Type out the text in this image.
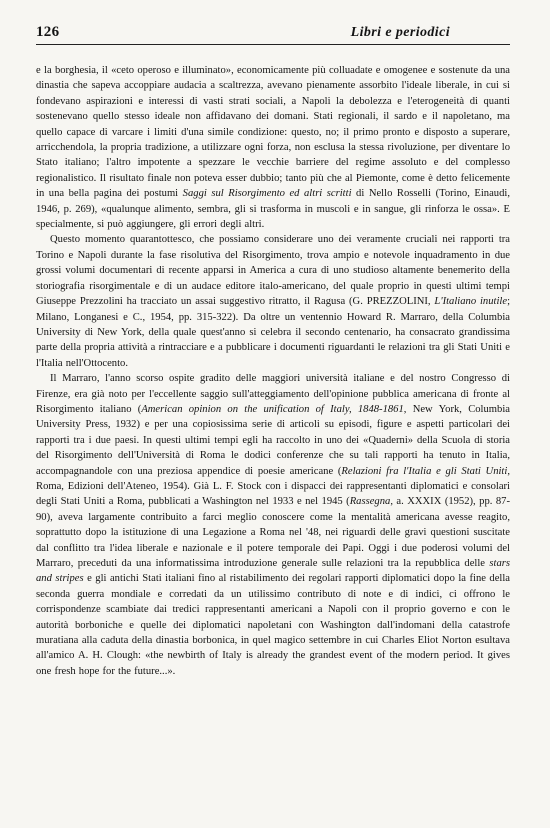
126	Libri e periodici

e la borghesia, il «ceto operoso e illuminato», economicamente più colluadate e omogenee e sostenute da una dinastia che sapeva accoppiare audacia a scaltrezza, avevano pienamente assorbito l'ideale liberale, in cui si fondevano aspirazioni e interessi di vasti strati sociali, a Napoli la debolezza e l'eterogeneità di quanti sostenevano quello stesso ideale non affidavano dei domani. Stati regionali, il sardo e il napoletano, ma quello capace di varcare i limiti d'una simile condizione: questo, no; il primo pronto e disposto a superare, arricchendola, la propria tradizione, a utilizzare ogni forza, non esclusa la stessa rivoluzione, per diventare lo Stato italiano; l'altro impotente a spezzare le vecchie barriere del regime assoluto e del complesso regionalistico. Il risultato finale non poteva esser dubbio; tanto più che al Piemonte, come è detto felicemente in una bella pagina dei postumi Saggi sul Risorgimento ed altri scritti di Nello Rosselli (Torino, Einaudi, 1946, p. 269), «qualunque alimento, sembra, gli si trasforma in muscoli e in sangue, gli rinforza le ossa». E specialmente, si può aggiungere, gli errori degli altri.

Questo momento quarantottesco, che possiamo considerare uno dei veramente cruciali nei rapporti tra Torino e Napoli durante la fase risolutiva del Risorgimento, trova ampio e notevole inquadramento in due grossi volumi documentari di recente apparsi in America a cura di uno studioso altamente benemerito della storiografia risorgimentale e di un audace editore italo-americano, del quale proprio in questi ultimi tempi Giuseppe Prezzolini ha tracciato un assai suggestivo ritratto, il Ragusa (G. PREZZOLINI, L'Italiano inutile; Milano, Longanesi e C., 1954, pp. 315-322). Da oltre un ventennio Howard R. Marraro, della Columbia University di New York, della quale quest'anno si celebra il secondo centenario, ha consacrato grandissima parte della propria attività a rintracciare e a pubblicare i documenti riguardanti le relazioni tra gli Stati Uniti e l'Italia nell'Ottocento.

Il Marraro, l'anno scorso ospite gradito delle maggiori università italiane e del nostro Congresso di Firenze, era già noto per l'eccellente saggio sull'atteggiamento dell'opinione pubblica americana di fronte al Risorgimento italiano (American opinion on the unification of Italy, 1848-1861, New York, Columbia University Press, 1932) e per una copiosissima serie di articoli su episodi, figure e aspetti particolari dei rapporti tra i due paesi. In questi ultimi tempi egli ha raccolto in uno dei «Quaderni» della Scuola di storia del Risorgimento dell'Università di Roma le dodici conferenze che su tali rapporti ha tenuto in Italia, accompagnandole con una preziosa appendice di poesie americane (Relazioni fra l'Italia e gli Stati Uniti, Roma, Edizioni dell'Ateneo, 1954). Già L. F. Stock con i dispacci dei rappresentanti diplomatici e consolari degli Stati Uniti a Roma, pubblicati a Washington nel 1933 e nel 1945 (Rassegna, a. XXXIX (1952), pp. 87-90), aveva largamente contribuito a farci meglio conoscere come la mentalità americana avesse reagito, soprattutto dopo la istituzione di una Legazione a Roma nel '48, nei riguardi delle gravi questioni suscitate dal conflitto tra l'idea liberale e nazionale e il potere temporale dei Papi. Oggi i due poderosi volumi del Marraro, preceduti da una informatissima introduzione generale sulle relazioni tra la repubblica delle stars and stripes e gli antichi Stati italiani fino al ristabilimento dei regolari rapporti diplomatici dopo la fine della seconda guerra mondiale e corredati da un utilissimo contributo di note e di indici, ci offrono le corrispondenze scambiate dai tredici rappresentanti americani a Napoli con il proprio governo e con le autorità borboniche e quelle dei diplomatici napoletani con Washington dall'indomani della catastrofe muratiana alla caduta della dinastia borbonica, in quel magico settembre in cui Charles Eliot Norton esultava all'amico A. H. Clough: «the newbirth of Italy is already the grandest event of the modern period. It gives one fresh hope for the future...».
